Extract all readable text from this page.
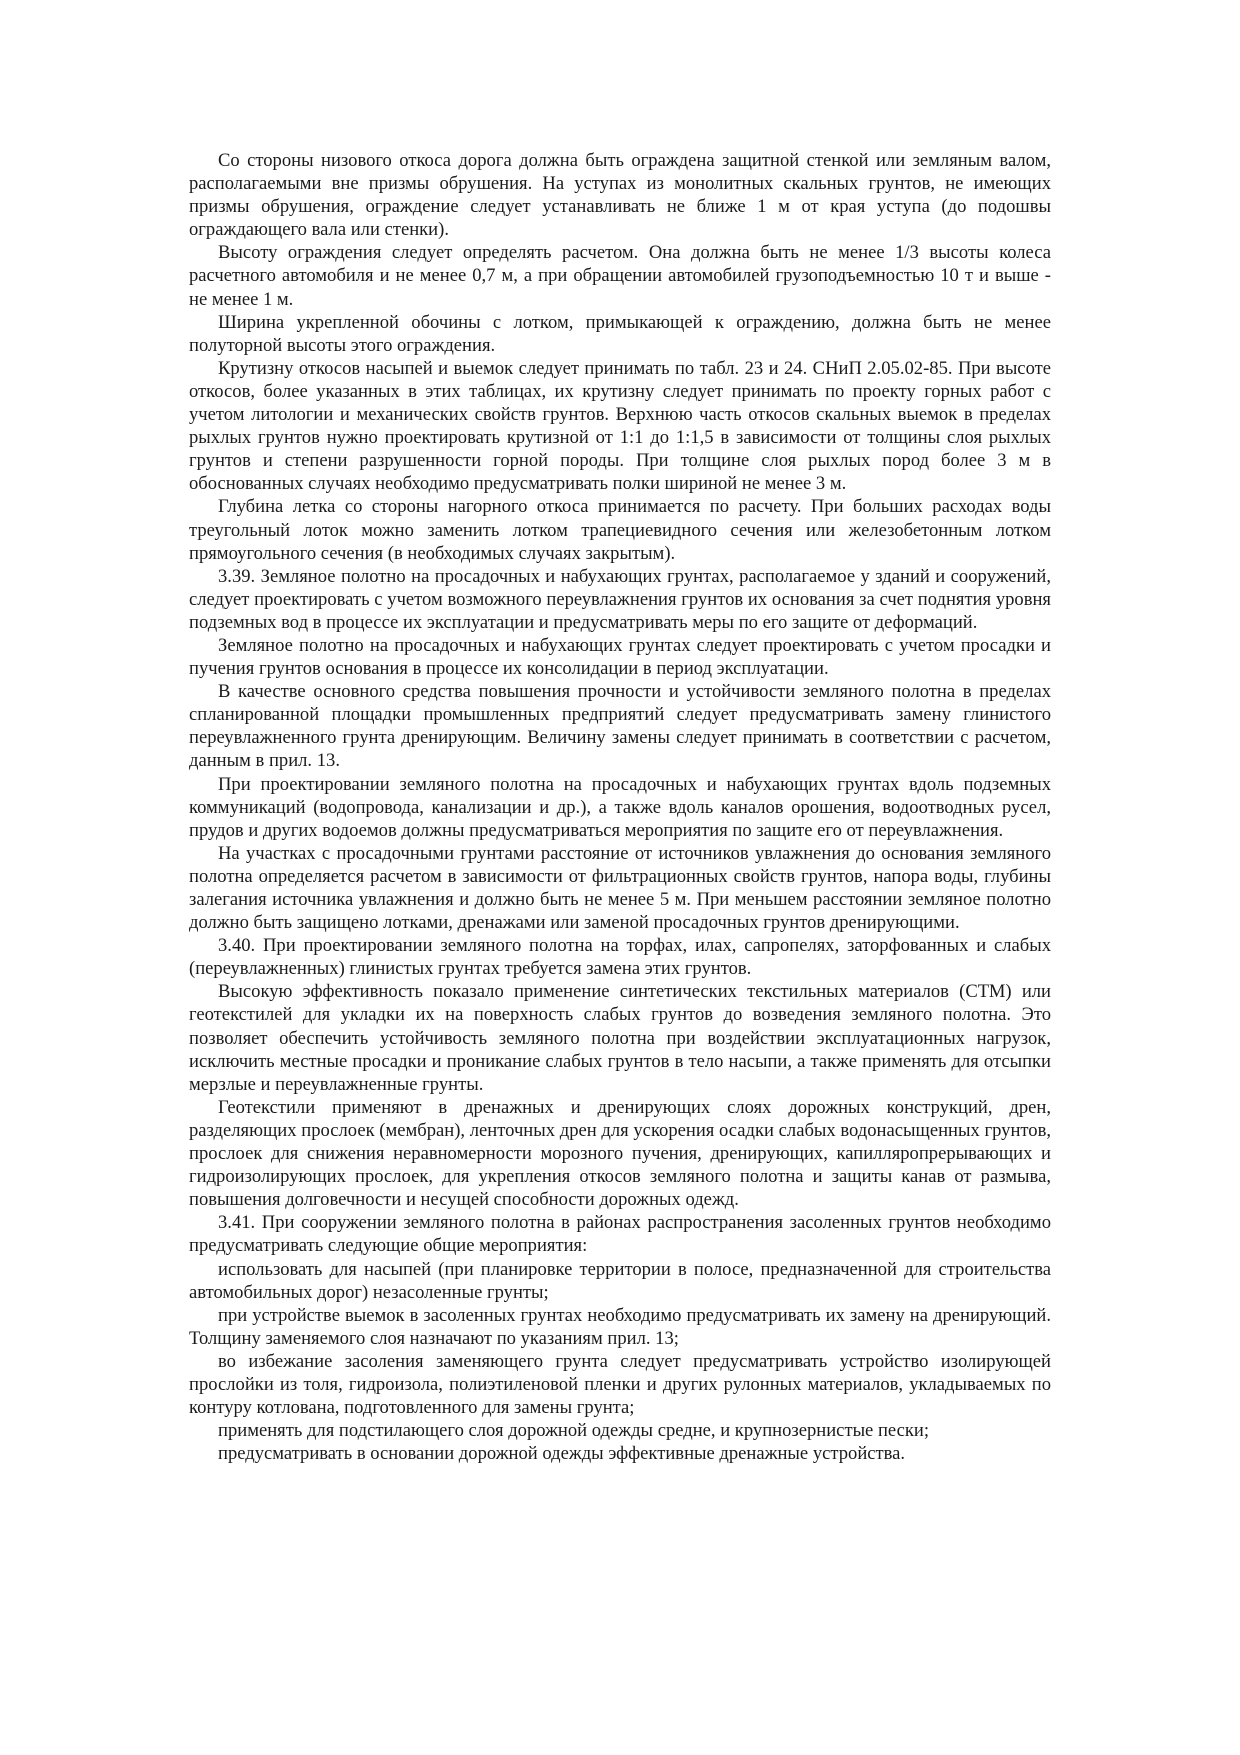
Со стороны низового откоса дорога должна быть ограждена защитной стенкой или земляным валом, располагаемыми вне призмы обрушения. На уступах из монолитных скальных грунтов, не имеющих призмы обрушения, ограждение следует устанавливать не ближе 1 м от края уступа (до подошвы ограждающего вала или стенки).

Высоту ограждения следует определять расчетом. Она должна быть не менее 1/3 высоты колеса расчетного автомобиля и не менее 0,7 м, а при обращении автомобилей грузоподъемностью 10 т и выше - не менее 1 м.

Ширина укрепленной обочины с лотком, примыкающей к ограждению, должна быть не менее полуторной высоты этого ограждения.

Крутизну откосов насыпей и выемок следует принимать по табл. 23 и 24. СНиП 2.05.02-85. При высоте откосов, более указанных в этих таблицах, их крутизну следует принимать по проекту горных работ с учетом литологии и механических свойств грунтов. Верхнюю часть откосов скальных выемок в пределах рыхлых грунтов нужно проектировать крутизной от 1:1 до 1:1,5 в зависимости от толщины слоя рыхлых грунтов и степени разрушенности горной породы. При толщине слоя рыхлых пород более 3 м в обоснованных случаях необходимо предусматривать полки шириной не менее 3 м.

Глубина летка со стороны нагорного откоса принимается по расчету. При больших расходах воды треугольный лоток можно заменить лотком трапециевидного сечения или железобетонным лотком прямоугольного сечения (в необходимых случаях закрытым).

3.39. Земляное полотно на просадочных и набухающих грунтах, располагаемое у зданий и сооружений, следует проектировать с учетом возможного переувлажнения грунтов их основания за счет поднятия уровня подземных вод в процессе их эксплуатации и предусматривать меры по его защите от деформаций.

Земляное полотно на просадочных и набухающих грунтах следует проектировать с учетом просадки и пучения грунтов основания в процессе их консолидации в период эксплуатации.

В качестве основного средства повышения прочности и устойчивости земляного полотна в пределах спланированной площадки промышленных предприятий следует предусматривать замену глинистого переувлажненного грунта дренирующим. Величину замены следует принимать в соответствии с расчетом, данным в прил. 13.

При проектировании земляного полотна на просадочных и набухающих грунтах вдоль подземных коммуникаций (водопровода, канализации и др.), а также вдоль каналов орошения, водоотводных русел, прудов и других водоемов должны предусматриваться мероприятия по защите его от переувлажнения.

На участках с просадочными грунтами расстояние от источников увлажнения до основания земляного полотна определяется расчетом в зависимости от фильтрационных свойств грунтов, напора воды, глубины залегания источника увлажнения и должно быть не менее 5 м. При меньшем расстоянии земляное полотно должно быть защищено лотками, дренажами или заменой просадочных грунтов дренирующими.

3.40. При проектировании земляного полотна на торфах, илах, сапропелях, заторфованных и слабых (переувлажненных) глинистых грунтах требуется замена этих грунтов.

Высокую эффективность показало применение синтетических текстильных материалов (СТМ) или геотекстилей для укладки их на поверхность слабых грунтов до возведения земляного полотна. Это позволяет обеспечить устойчивость земляного полотна при воздействии эксплуатационных нагрузок, исключить местные просадки и проникание слабых грунтов в тело насыпи, а также применять для отсыпки мерзлые и переувлажненные грунты.

Геотекстили применяют в дренажных и дренирующих слоях дорожных конструкций, дрен, разделяющих прослоек (мембран), ленточных дрен для ускорения осадки слабых водонасыщенных грунтов, прослоек для снижения неравномерности морозного пучения, дренирующих, капилляропрерывающих и гидроизолирующих прослоек, для укрепления откосов земляного полотна и защиты канав от размыва, повышения долговечности и несущей способности дорожных одежд.

3.41. При сооружении земляного полотна в районах распространения засоленных грунтов необходимо предусматривать следующие общие мероприятия:

использовать для насыпей (при планировке территории в полосе, предназначенной для строительства автомобильных дорог) незасоленные грунты;

при устройстве выемок в засоленных грунтах необходимо предусматривать их замену на дренирующий. Толщину заменяемого слоя назначают по указаниям прил. 13;

во избежание засоления заменяющего грунта следует предусматривать устройство изолирующей прослойки из толя, гидроизола, полиэтиленовой пленки и других рулонных материалов, укладываемых по контуру котлована, подготовленного для замены грунта;

применять для подстилающего слоя дорожной одежды средне, и крупнозернистые пески;

предусматривать в основании дорожной одежды эффективные дренажные устройства.
